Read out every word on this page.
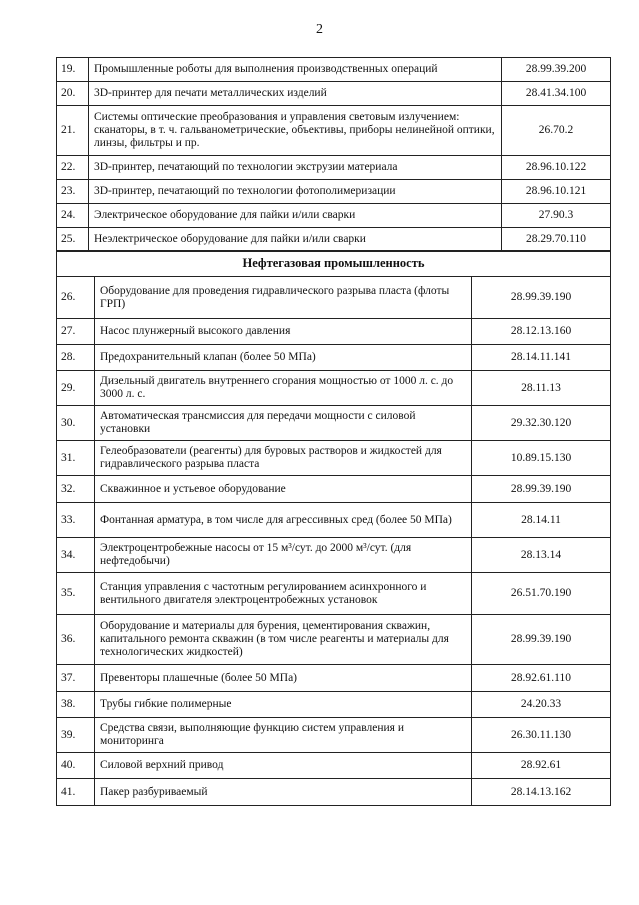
2
19.	Промышленные роботы для выполнения производственных операций	28.99.39.200
20.	3D-принтер для печати металлических изделий	28.41.34.100
21.	Системы оптические преобразования и управления световым излучением: сканаторы, в т. ч. гальванометрические, объективы, приборы нелинейной оптики, линзы, фильтры и пр.	26.70.2
22.	3D-принтер, печатающий по технологии экструзии материала	28.96.10.122
23.	3D-принтер, печатающий по технологии фотополимеризации	28.96.10.121
24.	Электрическое оборудование для пайки и/или сварки	27.90.3
25.	Неэлектрическое оборудование для пайки и/или сварки	28.29.70.110
Нефтегазовая промышленность		
26.	Оборудование для проведения гидравлического разрыва пласта (флоты ГРП)	28.99.39.190
27.	Насос плунжерный высокого давления	28.12.13.160
28.	Предохранительный клапан (более 50 МПа)	28.14.11.141
29.	Дизельный двигатель внутреннего сгорания мощностью от 1000 л. с. до 3000 л. с.	28.11.13
30.	Автоматическая трансмиссия для передачи мощности с силовой установки	29.32.30.120
31.	Гелеобразователи (реагенты) для буровых растворов и жидкостей для гидравлического разрыва пласта	10.89.15.130
32.	Скважинное и устьевое оборудование	28.99.39.190
33.	Фонтанная арматура, в том числе для агрессивных сред (более 50 МПа)	28.14.11
34.	Электроцентробежные насосы от 15 м³/сут. до 2000 м³/сут. (для нефтедобычи)	28.13.14
35.	Станция управления с частотным регулированием асинхронного и вентильного двигателя электроцентробежных установок	26.51.70.190
36.	Оборудование и материалы для бурения, цементирования скважин, капитального ремонта скважин (в том числе реагенты и материалы для технологических жидкостей)	28.99.39.190
37.	Превенторы плашечные (более 50 МПа)	28.92.61.110
38.	Трубы гибкие полимерные	24.20.33
39.	Средства связи, выполняющие функцию систем управления и мониторинга	26.30.11.130
40.	Силовой верхний привод	28.92.61
41.	Пакер разбуриваемый	28.14.13.162
